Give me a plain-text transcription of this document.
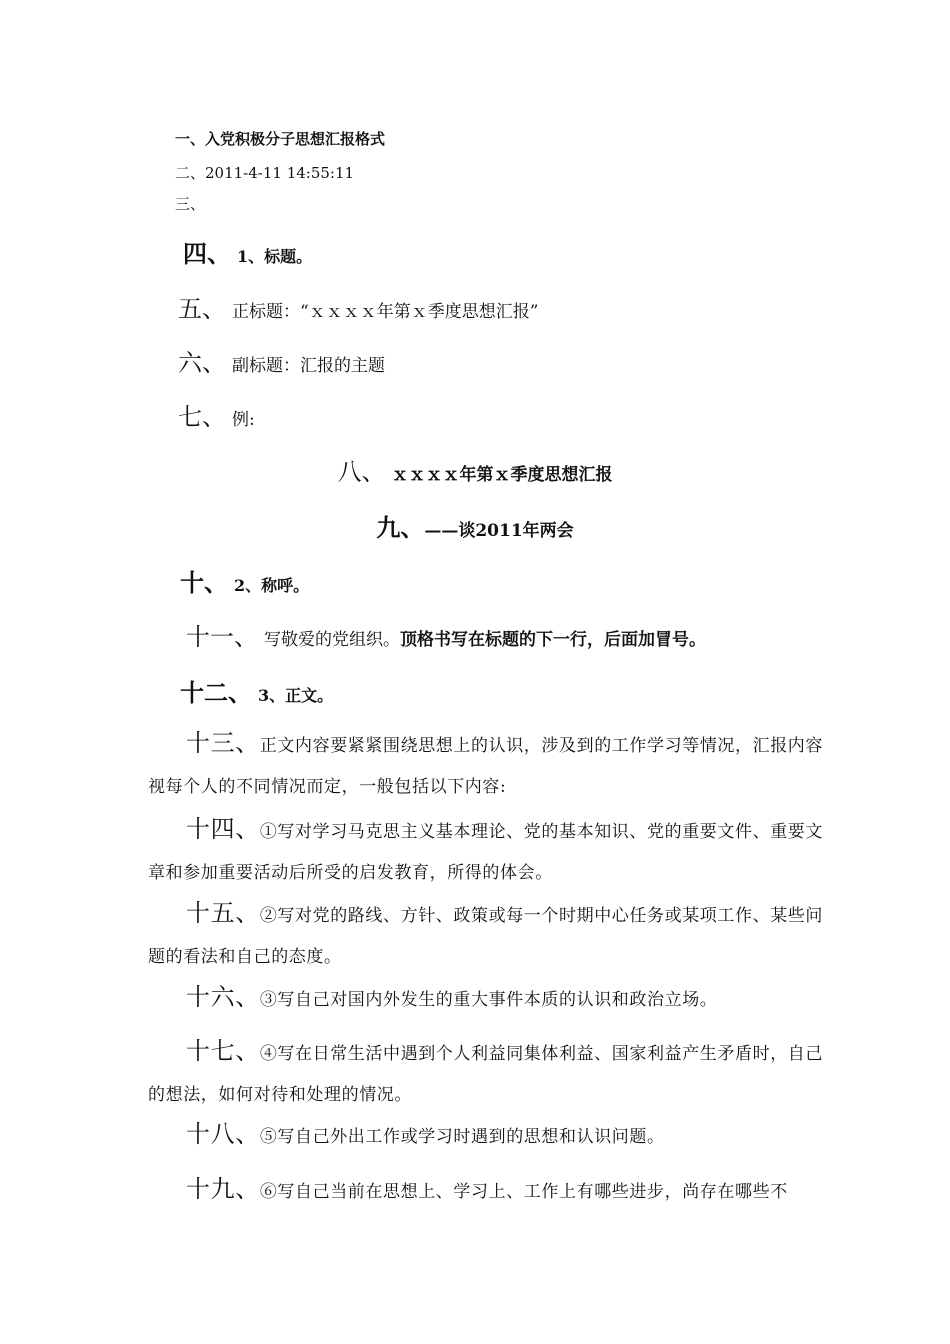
一、入党积极分子思想汇报格式
二、2011-4-11 14:55:11
三、
四、 1、标题。
五、 正标题：“ｘｘｘｘ年第ｘ季度思想汇报”
六、 副标题：汇报的主题
七、 例:
八、 ｘｘｘｘ年第ｘ季度思想汇报
九、——谈2011年两会
十、 2、称呼。
十一、 写敬爱的党组织。顶格书写在标题的下一行，后面加冒号。
十二、 3、正文。
十三、正文内容要紧紧围绕思想上的认识，涉及到的工作学习等情况，汇报内容视每个人的不同情况而定，一般包括以下内容:
十四、①写对学习马克思主义基本理论、党的基本知识、党的重要文件、重要文章和参加重要活动后所受的启发教育，所得的体会。
十五、②写对党的路线、方针、政策或每一个时期中心任务或某项工作、某些问题的看法和自己的态度。
十六、③写自己对国内外发生的重大事件本质的认识和政治立场。
十七、④写在日常生活中遇到个人利益同集体利益、国家利益产生矛盾时，自己的想法，如何对待和处理的情况。
十八、⑤写自己外出工作或学习时遇到的思想和认识问题。
十九、⑥写自己当前在思想上、学习上、工作上有哪些进步，尚存在哪些不
